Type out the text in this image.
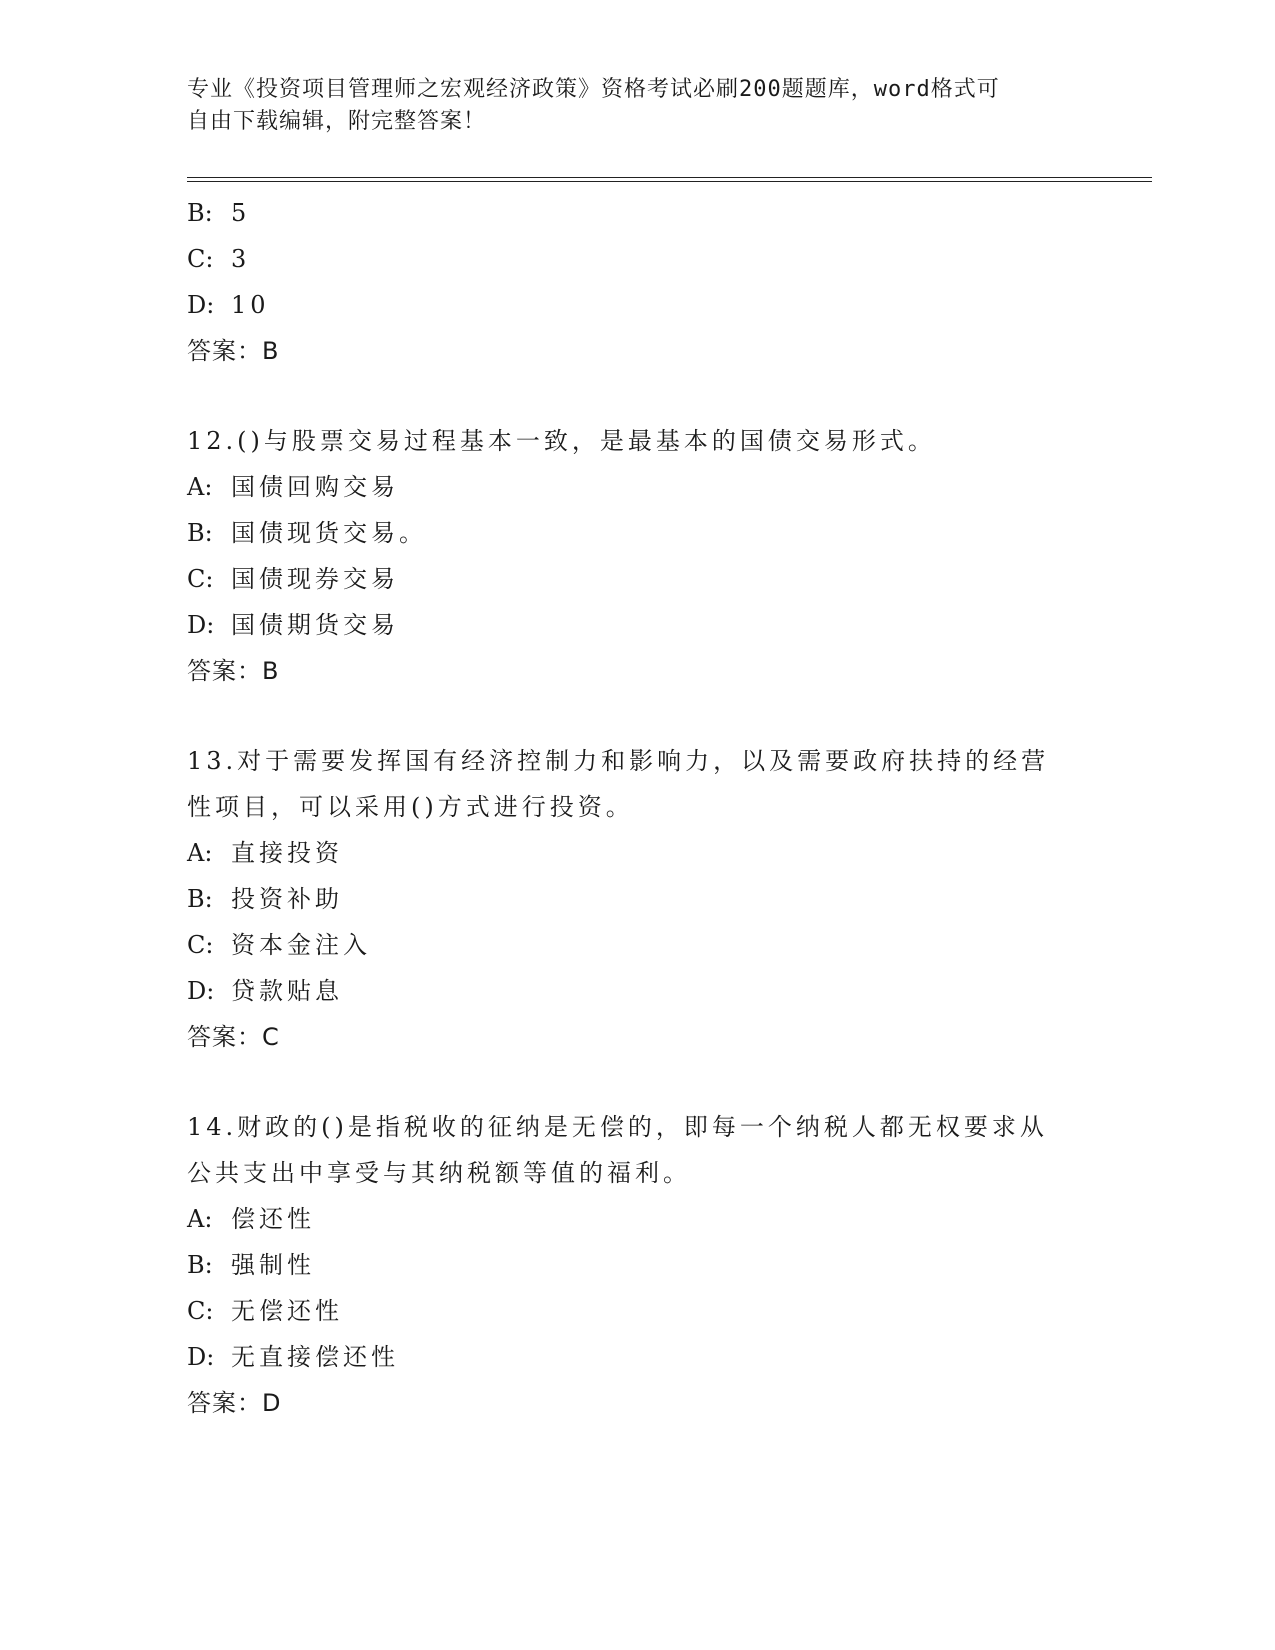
专业《投资项目管理师之宏观经济政策》资格考试必刷200题题库，word格式可
自由下载编辑，附完整答案！
B: 5
C: 3
D: 10
答案：B
12.()与股票交易过程基本一致，是最基本的国债交易形式。
A: 国债回购交易
B: 国债现货交易。
C: 国债现券交易
D: 国债期货交易
答案：B
13.对于需要发挥国有经济控制力和影响力，以及需要政府扶持的经营
性项目，可以采用()方式进行投资。
A: 直接投资
B: 投资补助
C: 资本金注入
D: 贷款贴息
答案：C
14.财政的()是指税收的征纳是无偿的，即每一个纳税人都无权要求从
公共支出中享受与其纳税额等值的福利。
A: 偿还性
B: 强制性
C: 无偿还性
D: 无直接偿还性
答案：D
